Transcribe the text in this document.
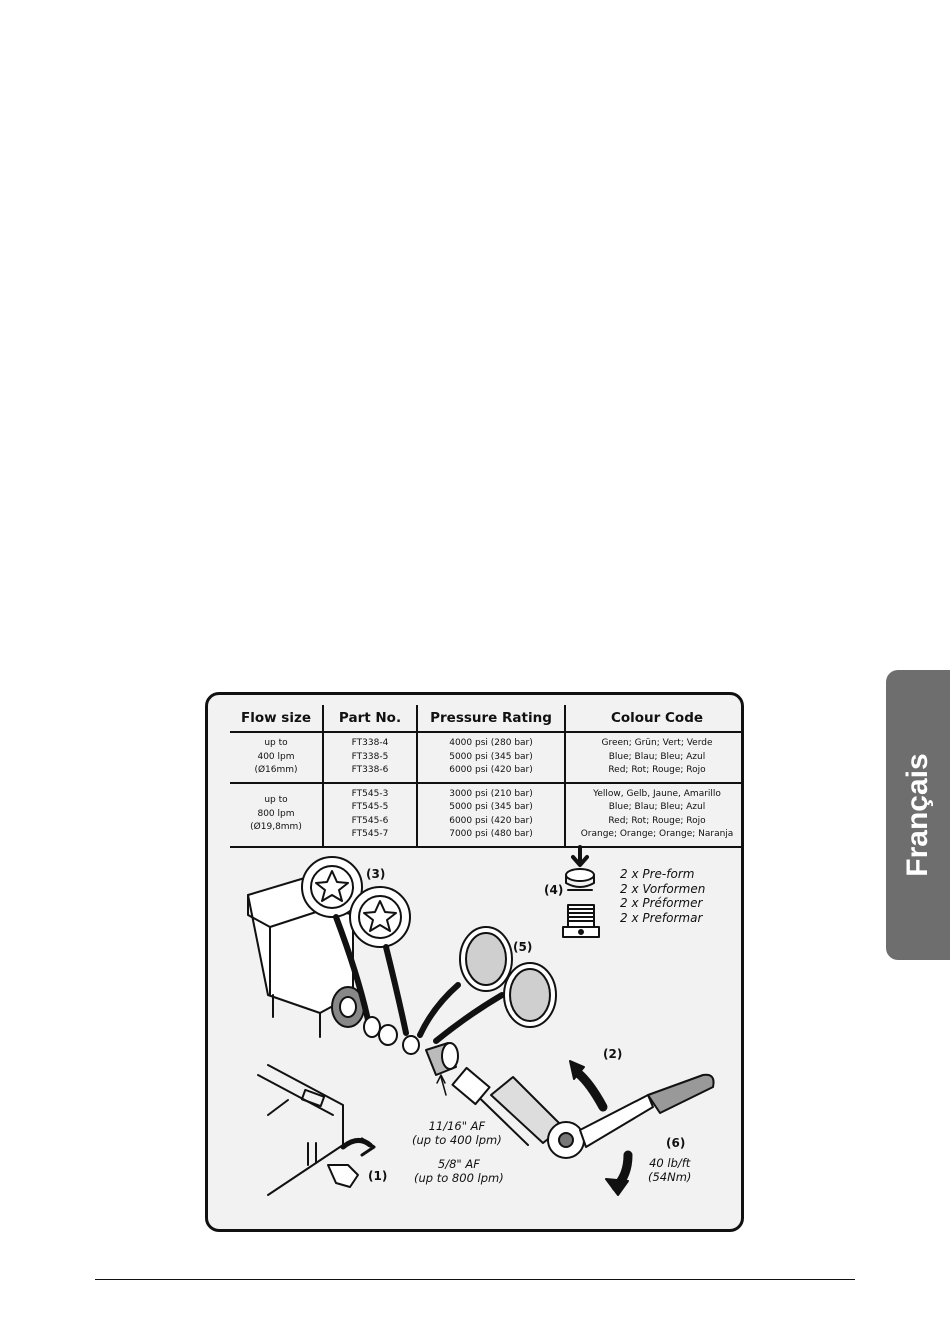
Français
Flow size	Part No.	Pressure Rating	Colour Code

up to
400 lpm
(Ø16mm)	FT338-4
FT338-5
FT338-6	4000 psi (280 bar)
5000 psi (345 bar)
6000 psi (420 bar)	Green; Grün; Vert; Verde
Blue; Blau; Bleu; Azul
Red; Rot; Rouge; Rojo

up to
800 lpm
(Ø19,8mm)	FT545-3
FT545-5
FT545-6
FT545-7	3000 psi (210 bar)
5000 psi (345 bar)
6000 psi (420 bar)
7000 psi (480 bar)	Yellow, Gelb, Jaune, Amarillo
Blue; Blau; Bleu; Azul
Red; Rot; Rouge; Rojo
Orange; Orange; Orange; Naranja
(3)
(4)
(5)
(2)
(1)
(6)
2 x Pre-form
2 x Vorformen
2 x Préformer
2 x Preformar
11/16" AF
(up to 400 lpm)
5/8" AF
(up to 800 lpm)
40 lb/ft
(54Nm)
